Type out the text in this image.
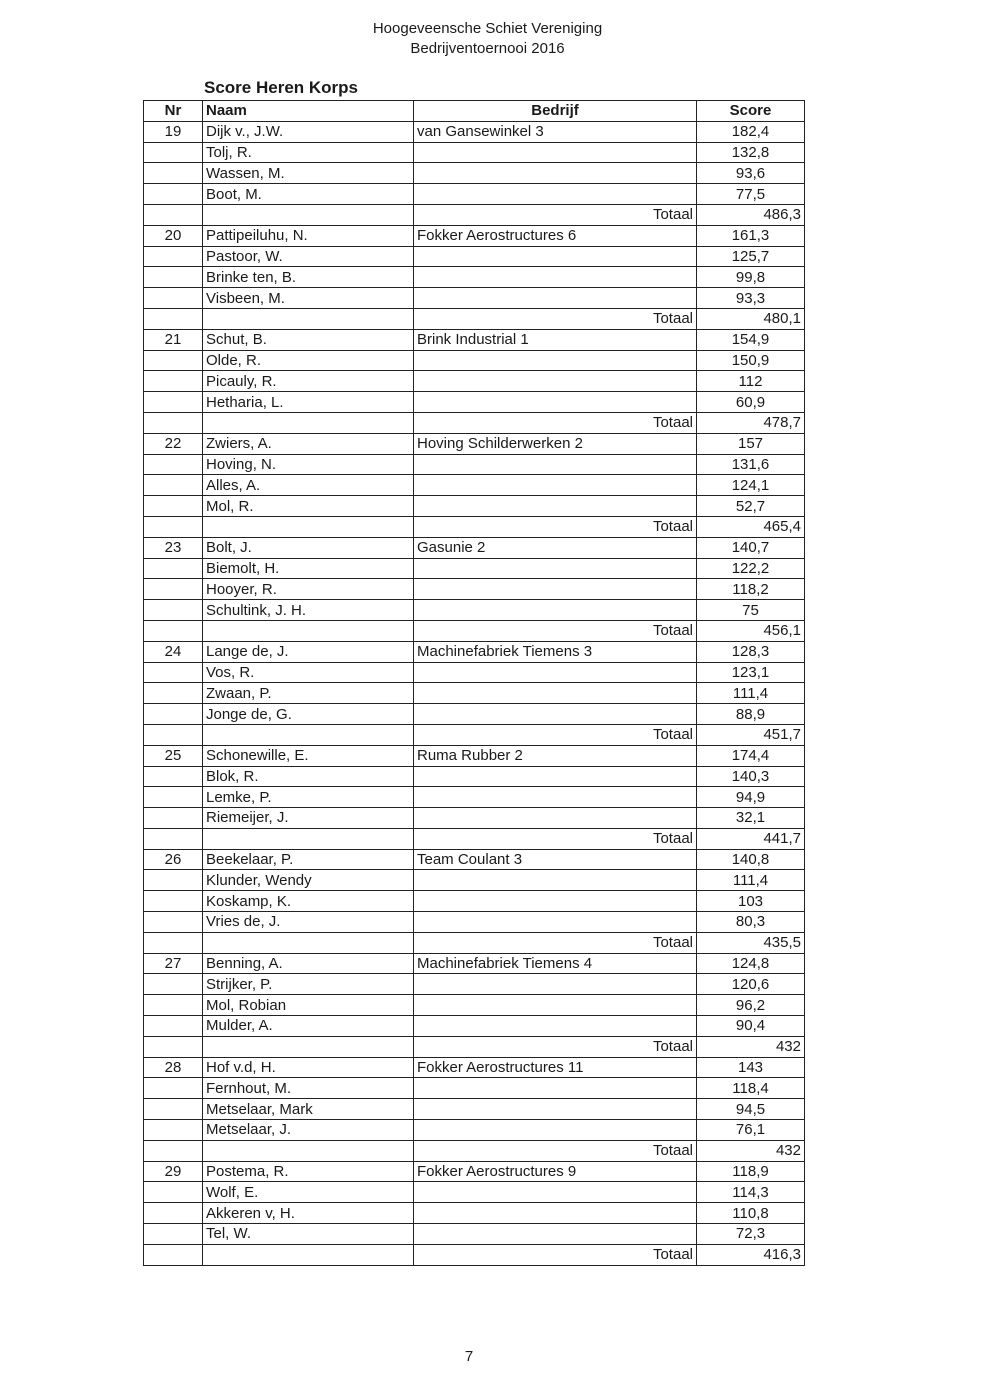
Hoogeveensche Schiet Vereniging
Bedrijventoernooi 2016
Score Heren Korps
Nr	Naam	Bedrijf	Score
19	Dijk v., J.W.	van Gansewinkel 3	182,4
	Tolj, R.		132,8
	Wassen, M.		93,6
	Boot, M.		77,5
		Totaal	486,3
20	Pattipeiluhu, N.	Fokker Aerostructures 6	161,3
	Pastoor, W.		125,7
	Brinke ten, B.		99,8
	Visbeen, M.		93,3
		Totaal	480,1
21	Schut, B.	Brink Industrial 1	154,9
	Olde, R.		150,9
	Picauly, R.		112
	Hetharia, L.		60,9
		Totaal	478,7
22	Zwiers, A.	Hoving Schilderwerken 2	157
	Hoving, N.		131,6
	Alles, A.		124,1
	Mol, R.		52,7
		Totaal	465,4
23	Bolt, J.	Gasunie 2	140,7
	Biemolt, H.		122,2
	Hooyer, R.		118,2
	Schultink, J. H.		75
		Totaal	456,1
24	Lange de, J.	Machinefabriek Tiemens 3	128,3
	Vos, R.		123,1
	Zwaan, P.		111,4
	Jonge de, G.		88,9
		Totaal	451,7
25	Schonewille, E.	Ruma Rubber 2	174,4
	Blok, R.		140,3
	Lemke, P.		94,9
	Riemeijer, J.		32,1
		Totaal	441,7
26	Beekelaar, P.	Team Coulant 3	140,8
	Klunder, Wendy		111,4
	Koskamp, K.		103
	Vries de, J.		80,3
		Totaal	435,5
27	Benning, A.	Machinefabriek Tiemens 4	124,8
	Strijker, P.		120,6
	Mol, Robian		96,2
	Mulder, A.		90,4
		Totaal	432
28	Hof v.d, H.	Fokker Aerostructures 11	143
	Fernhout, M.		118,4
	Metselaar, Mark		94,5
	Metselaar, J.		76,1
		Totaal	432
29	Postema, R.	Fokker Aerostructures 9	118,9
	Wolf, E.		114,3
	Akkeren v, H.		110,8
	Tel, W.		72,3
		Totaal	416,3
7
